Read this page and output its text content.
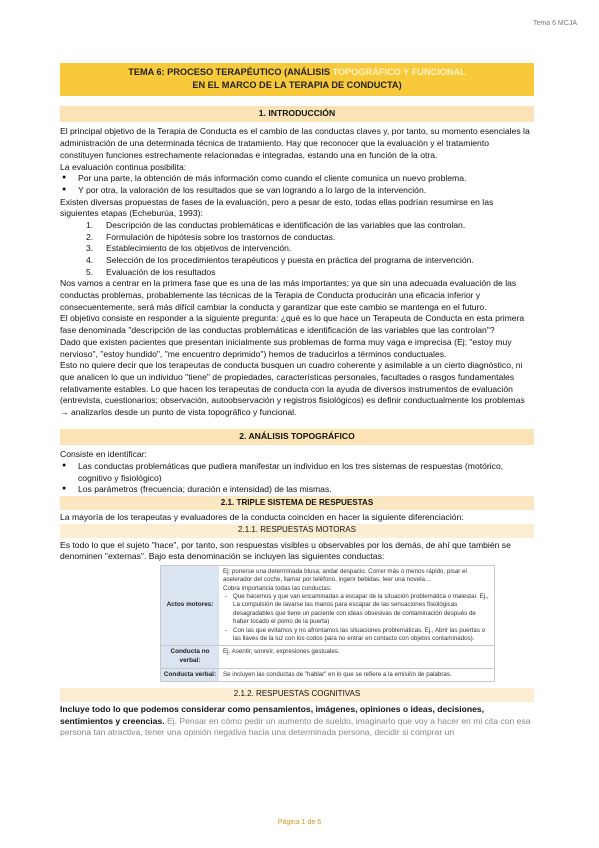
Tema 6 MCJA
TEMA 6: PROCESO TERAPÉUTICO (ANÁLISIS TOPOGRÁFICO Y FUNCIONAL
EN EL MARCO DE LA TERAPIA DE CONDUCTA)
1. INTRODUCCIÓN

El principal objetivo de la Terapia de Conducta es el cambio de las conductas claves y, por tanto, su momento esenciales la administración de una determinada técnica de tratamiento. Hay que reconocer que la evaluación y el tratamiento constituyen funciones estrechamente relacionadas e integradas, estando una en función de la otra.

La evaluación continua posibilita:

● Por una parte, la obtención de más información como cuando el cliente comunica un nuevo problema.
● Y por otra, la valoración de los resultados que se van logrando a lo largo de la intervención.

Existen diversas propuestas de fases de la evaluación, pero a pesar de esto, todas ellas podrían resumirse en las siguientes etapas (Echeburúa, 1993):

1. Descripción de las conductas problemáticas e identificación de las variables que las controlan.
2. Formulación de hipótesis sobre los trastornos de conductas.
3. Establecimiento de los objetivos de intervención.
4. Selección de los procedimientos terapéuticos y puesta en práctica del programa de intervención.
5. Evaluación de los resultados

Nos vamos a centrar en la primera fase que es una de las más importantes; ya que sin una adecuada evaluación de las conductas problemas, probablemente las técnicas de la Terapia de Conducta producirán una eficacia inferior y consecuentemente, será más difícil cambiar la conducta y garantizar que este cambio se mantenga en el futuro.

El objetivo consiste en responder a la siguiente pregunta: ¿qué es lo que hace un Terapeuta de Conducta en esta primera fase denominada "descripción de las conductas problemáticas e identificación de las variables que las controlan"?

Dado que existen pacientes que presentan inicialmente sus problemas de forma muy vaga e imprecisa (Ej: "estoy muy nervioso", "estoy hundido", "me encuentro deprimido") hemos de traducirlos a términos conductuales.

Esto no quiere decir que los terapeutas de conducta busquen un cuadro coherente y asimilable a un cierto diagnóstico, ni que analicen lo que un individuo "tiene" de propiedades, características personales, facultades o rasgos fundamentales relativamente estables. Lo que hacen los terapeutas de conducta con la ayuda de diversos instrumentos de evaluación (entrevista, cuestionarios; observación, autoobservación y registros fisiológicos) es definir conductualmente los problemas → analizarlos desde un punto de vista topográfico y funcional.

2. ANÁLISIS TOPOGRÁFICO

Consiste en identificar:

● Las conductas problemáticas que pudiera manifestar un individuo en los tres sistemas de respuestas (motórico, cognitivo y fisiológico)
● Los parámetros (frecuencia; duración e intensidad) de las mismas.
2.1. TRIPLE SISTEMA DE RESPUESTAS

La mayoría de los terapeutas y evaluadores de la conducta coinciden en hacer la siguiente diferenciación:

2.1.1. RESPUESTAS MOTORAS

Es todo lo que el sujeto "hace", por tanto, son respuestas visibles u observables por los demás, de ahí que también se denominen "externas". Bajo esta denominación se incluyen las siguientes conductas:

Actos motores:
Ej: ponerse una determinada blusa; andar despacio. Correr más o menos rápido, pisar el acelerador del coche, llamar por teléfono, ingerir bebidas, leer una novela…
Cobra importancia todas las conductas:
- Que hacemos y que van encaminadas a escapar de la situación problemática o malestar. Ej., La compulsión de lavarse las manos para escapar de las sensaciones fisiológicas desagradables que tiene un paciente con ideas obsesivas de contaminación después de haber tocado el pomo de la puerta)
- Con las que evitamos y no afrontamos las situaciones problemáticas. Ej., Abrir las puertas o las llaves de la luz con los codos para no entrar en contacto con objetos contaminados).
Conducta no verbal:
Ej. Asentir, sonreír, expresiones gestuales.
Conducta verbal:	Se incluyen las conductas de "hablar" en lo que se refiere a la emisión de palabras.
2.1.2. RESPUESTAS COGNITIVAS

Incluye todo lo que podemos considerar como pensamientos, imágenes, opiniones o ideas, decisiones, sentimientos y creencias. Ej. Pensar en cómo pedir un aumento de sueldo, imaginarlo que voy a hacer en mi cita con esa persona tan atractiva, tener una opinión negativa hacia una determinada persona, decidir si comprar un

Página 1 de 6
